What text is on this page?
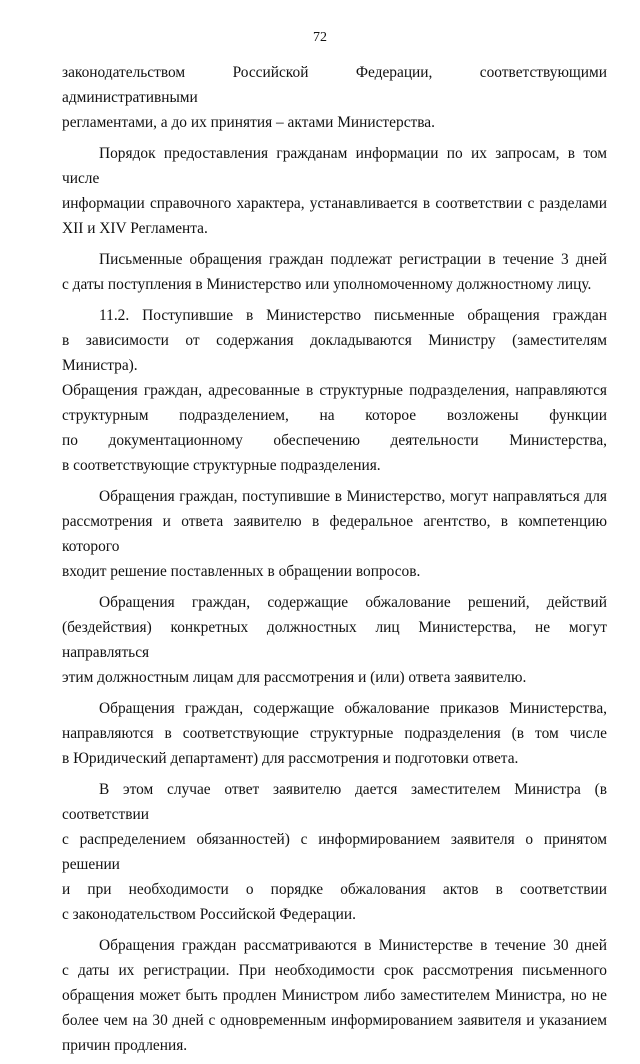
72
законодательством Российской Федерации, соответствующими административными
регламентами, а до их принятия – актами Министерства.
Порядок предоставления гражданам информации по их запросам, в том числе
информации справочного характера, устанавливается в соответствии с разделами
XII и XIV Регламента.
Письменные обращения граждан подлежат регистрации в течение 3 дней
с даты поступления в Министерство или уполномоченному должностному лицу.
11.2. Поступившие в Министерство письменные обращения граждан
в зависимости от содержания докладываются Министру (заместителям Министра).
Обращения граждан, адресованные в структурные подразделения, направляются
структурным подразделением, на которое возложены функции
по документационному обеспечению деятельности Министерства,
в соответствующие структурные подразделения.
Обращения граждан, поступившие в Министерство, могут направляться для
рассмотрения и ответа заявителю в федеральное агентство, в компетенцию которого
входит решение поставленных в обращении вопросов.
Обращения граждан, содержащие обжалование решений, действий
(бездействия) конкретных должностных лиц Министерства, не могут направляться
этим должностным лицам для рассмотрения и (или) ответа заявителю.
Обращения граждан, содержащие обжалование приказов Министерства,
направляются в соответствующие структурные подразделения (в том числе
в Юридический департамент) для рассмотрения и подготовки ответа.
В этом случае ответ заявителю дается заместителем Министра (в соответствии
с распределением обязанностей) с информированием заявителя о принятом решении
и при необходимости о порядке обжалования актов в соответствии
с законодательством Российской Федерации.
Обращения граждан рассматриваются в Министерстве в течение 30 дней
с даты их регистрации. При необходимости срок рассмотрения письменного
обращения может быть продлен Министром либо заместителем Министра, но не
более чем на 30 дней с одновременным информированием заявителя и указанием
причин продления.
